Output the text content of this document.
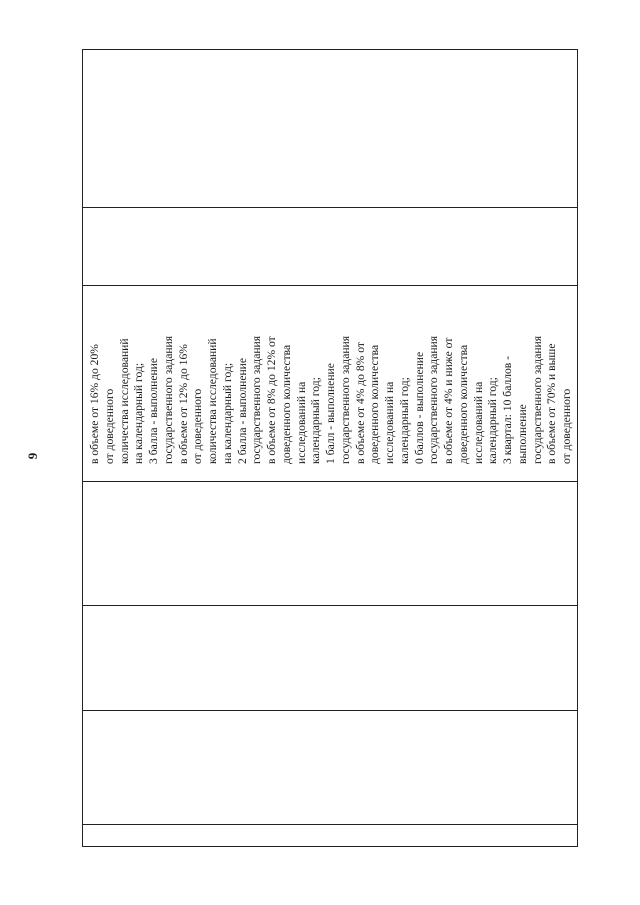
9	в объеме от 16% до 20% от доведенного количества исследований на календарный год; 3 балла - выполнение государственного задания в объеме от 12% до 16% от доведенного количества исследований на календарный год; 2 балла - выполнение государственного задания в объеме от 8% до 12% от доведенного количества исследований на календарный год; 1 балл - выполнение государственного задания в объеме от 4% до 8% от доведенного количества исследований на календарный год; 0 баллов - выполнение государственного задания в объеме от 4% и ниже от доведенного количества исследований на календарный год; 3 квартал: 10 баллов - выполнение государственного задания в объеме от 70% и выше от доведенного
